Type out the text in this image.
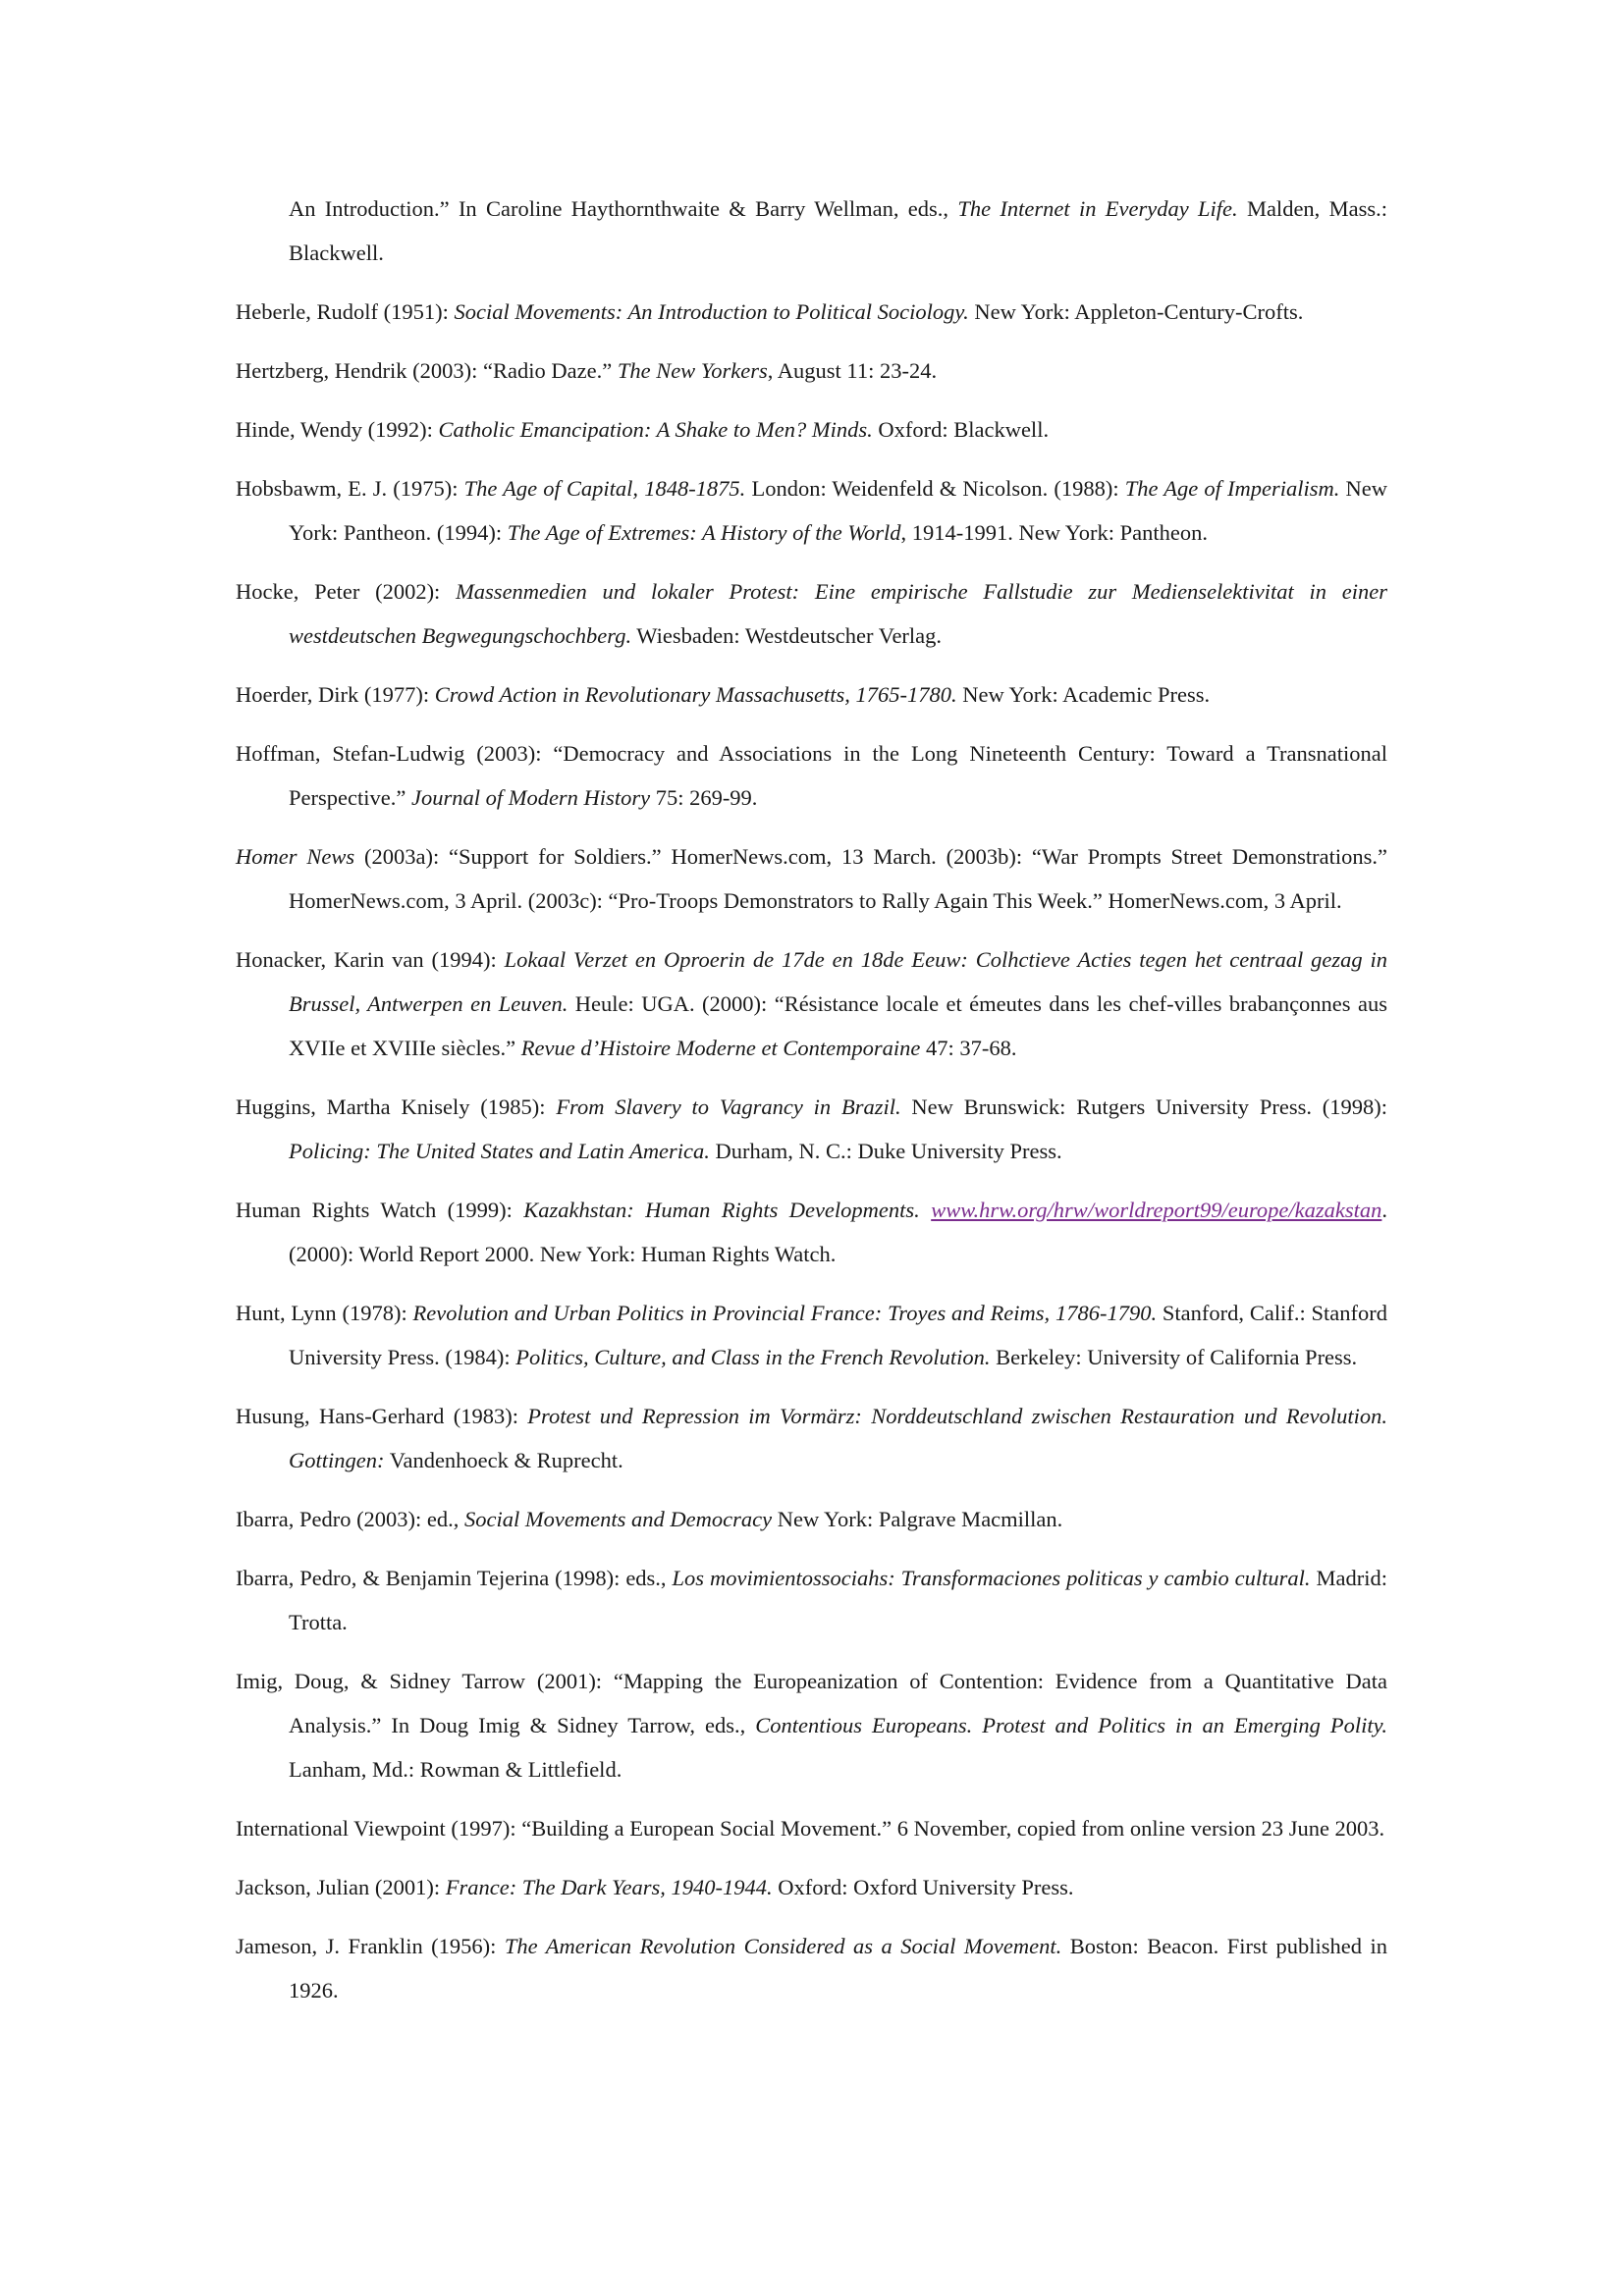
An Introduction.” In Caroline Haythornthwaite & Barry Wellman, eds., The Internet in Everyday Life. Malden, Mass.: Blackwell.

Heberle, Rudolf (1951): Social Movements: An Introduction to Political Sociology. New York: Appleton-Century-Crofts.

Hertzberg, Hendrik (2003): “Radio Daze.” The New Yorkers, August 11: 23-24.

Hinde, Wendy (1992): Catholic Emancipation: A Shake to Men? Minds. Oxford: Blackwell.

Hobsbawm, E. J. (1975): The Age of Capital, 1848-1875. London: Weidenfeld & Nicolson. (1988): The Age of Imperialism. New York: Pantheon. (1994): The Age of Extremes: A History of the World, 1914-1991. New York: Pantheon.

Hocke, Peter (2002): Massenmedien und lokaler Protest: Eine empirische Fallstudie zur Medienselektivitat in einer westdeutschen Begwegungschochberg. Wiesbaden: Westdeutscher Verlag.

Hoerder, Dirk (1977): Crowd Action in Revolutionary Massachusetts, 1765-1780. New York: Academic Press.

Hoffman, Stefan-Ludwig (2003): “Democracy and Associations in the Long Nineteenth Century: Toward a Transnational Perspective.” Journal of Modern History 75: 269-99.

Homer News (2003a): “Support for Soldiers.” HomerNews.com, 13 March. (2003b): “War Prompts Street Demonstrations.” HomerNews.com, 3 April. (2003c): “Pro-Troops Demonstrators to Rally Again This Week.” HomerNews.com, 3 April.

Honacker, Karin van (1994): Lokaal Verzet en Oproerin de 17de en 18de Eeuw: Colhctieve Acties tegen het centraal gezag in Brussel, Antwerpen en Leuven. Heule: UGA. (2000): “Résistance locale et émeutes dans les chef-villes brabançonnes aus XVIIe et XVIIIe siècles.” Revue d’Histoire Moderne et Contemporaine 47: 37-68.

Huggins, Martha Knisely (1985): From Slavery to Vagrancy in Brazil. New Brunswick: Rutgers University Press. (1998): Policing: The United States and Latin America. Durham, N. C.: Duke University Press.

Human Rights Watch (1999): Kazakhstan: Human Rights Developments. www.hrw.org/hrw/worldreport99/europe/kazakstan. (2000): World Report 2000. New York: Human Rights Watch.

Hunt, Lynn (1978): Revolution and Urban Politics in Provincial France: Troyes and Reims, 1786-1790. Stanford, Calif.: Stanford University Press. (1984): Politics, Culture, and Class in the French Revolution. Berkeley: University of California Press.

Husung, Hans-Gerhard (1983): Protest und Repression im Vormärz: Norddeutschland zwischen Restauration und Revolution. Gottingen: Vandenhoeck & Ruprecht.

Ibarra, Pedro (2003): ed., Social Movements and Democracy New York: Palgrave Macmillan.

Ibarra, Pedro, & Benjamin Tejerina (1998): eds., Los movimientossociahs: Transformaciones politicas y cambio cultural. Madrid: Trotta.

Imig, Doug, & Sidney Tarrow (2001): “Mapping the Europeanization of Contention: Evidence from a Quantitative Data Analysis.” In Doug Imig & Sidney Tarrow, eds., Contentious Europeans. Protest and Politics in an Emerging Polity. Lanham, Md.: Rowman & Littlefield.

International Viewpoint (1997): “Building a European Social Movement.” 6 November, copied from online version 23 June 2003.

Jackson, Julian (2001): France: The Dark Years, 1940-1944. Oxford: Oxford University Press.

Jameson, J. Franklin (1956): The American Revolution Considered as a Social Movement. Boston: Beacon. First published in 1926.
